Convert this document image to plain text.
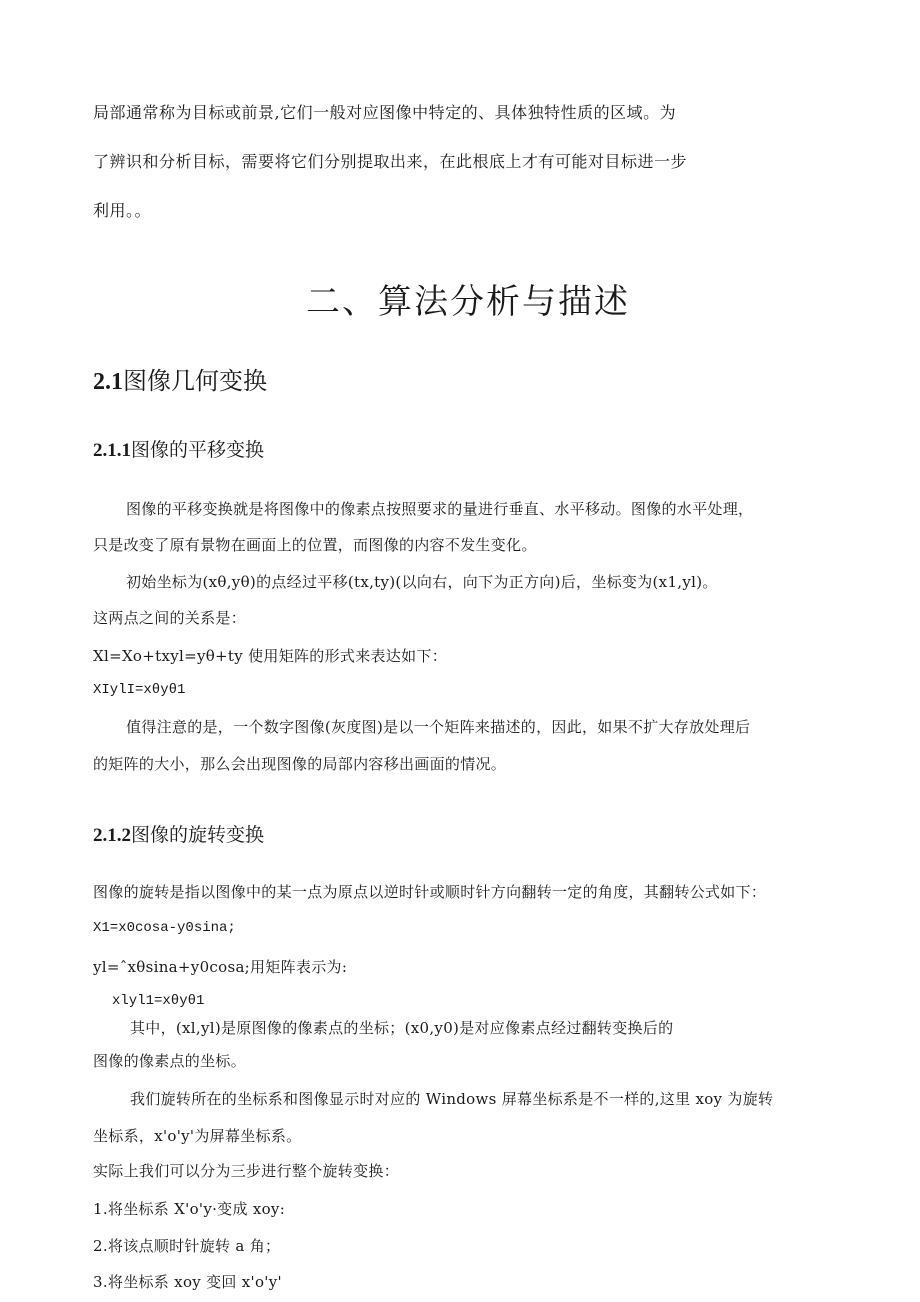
局部通常称为目标或前景,它们一般对应图像中特定的、具体独特性质的区域。为
了辨识和分析目标，需要将它们分别提取出来，在此根底上才有可能对目标进一步
利用。。
二、算法分析与描述
2.1图像几何变换
2.1.1图像的平移变换
图像的平移变换就是将图像中的像素点按照要求的量进行垂直、水平移动。图像的水平处理，
只是改变了原有景物在画面上的位置，而图像的内容不发生变化。
初始坐标为(xθ,yθ)的点经过平移(tx,ty)(以向右，向下为正方向)后，坐标变为(x1,yl)。
这两点之间的关系是：
Xl=Xo+txyl=yθ+ty 使用矩阵的形式来表达如下：
XIylI=xθyθ1
值得注意的是，一个数字图像(灰度图)是以一个矩阵来描述的，因此，如果不扩大存放处理后
的矩阵的大小，那么会出现图像的局部内容移出画面的情况。
2.1.2图像的旋转变换
图像的旋转是指以图像中的某一点为原点以逆时针或顺时针方向翻转一定的角度，其翻转公式如下：
X1=x0cosa-y0sina;
yl=ˆxθsina+y0cosa;用矩阵表示为:
xlyl1=xθyθ1
其中，(xl,yl)是原图像的像素点的坐标；(x0,y0)是对应像素点经过翻转变换后的
图像的像素点的坐标。
我们旋转所在的坐标系和图像显示时对应的 Windows 屏幕坐标系是不一样的,这里 xoy 为旋转
坐标系，x'o'y'为屏幕坐标系。
实际上我们可以分为三步进行整个旋转变换：
1.将坐标系 X'o'y·变成 xoy:
2.将该点顺时针旋转 a 角；
3.将坐标系 xoy 变回 x'o'y'
